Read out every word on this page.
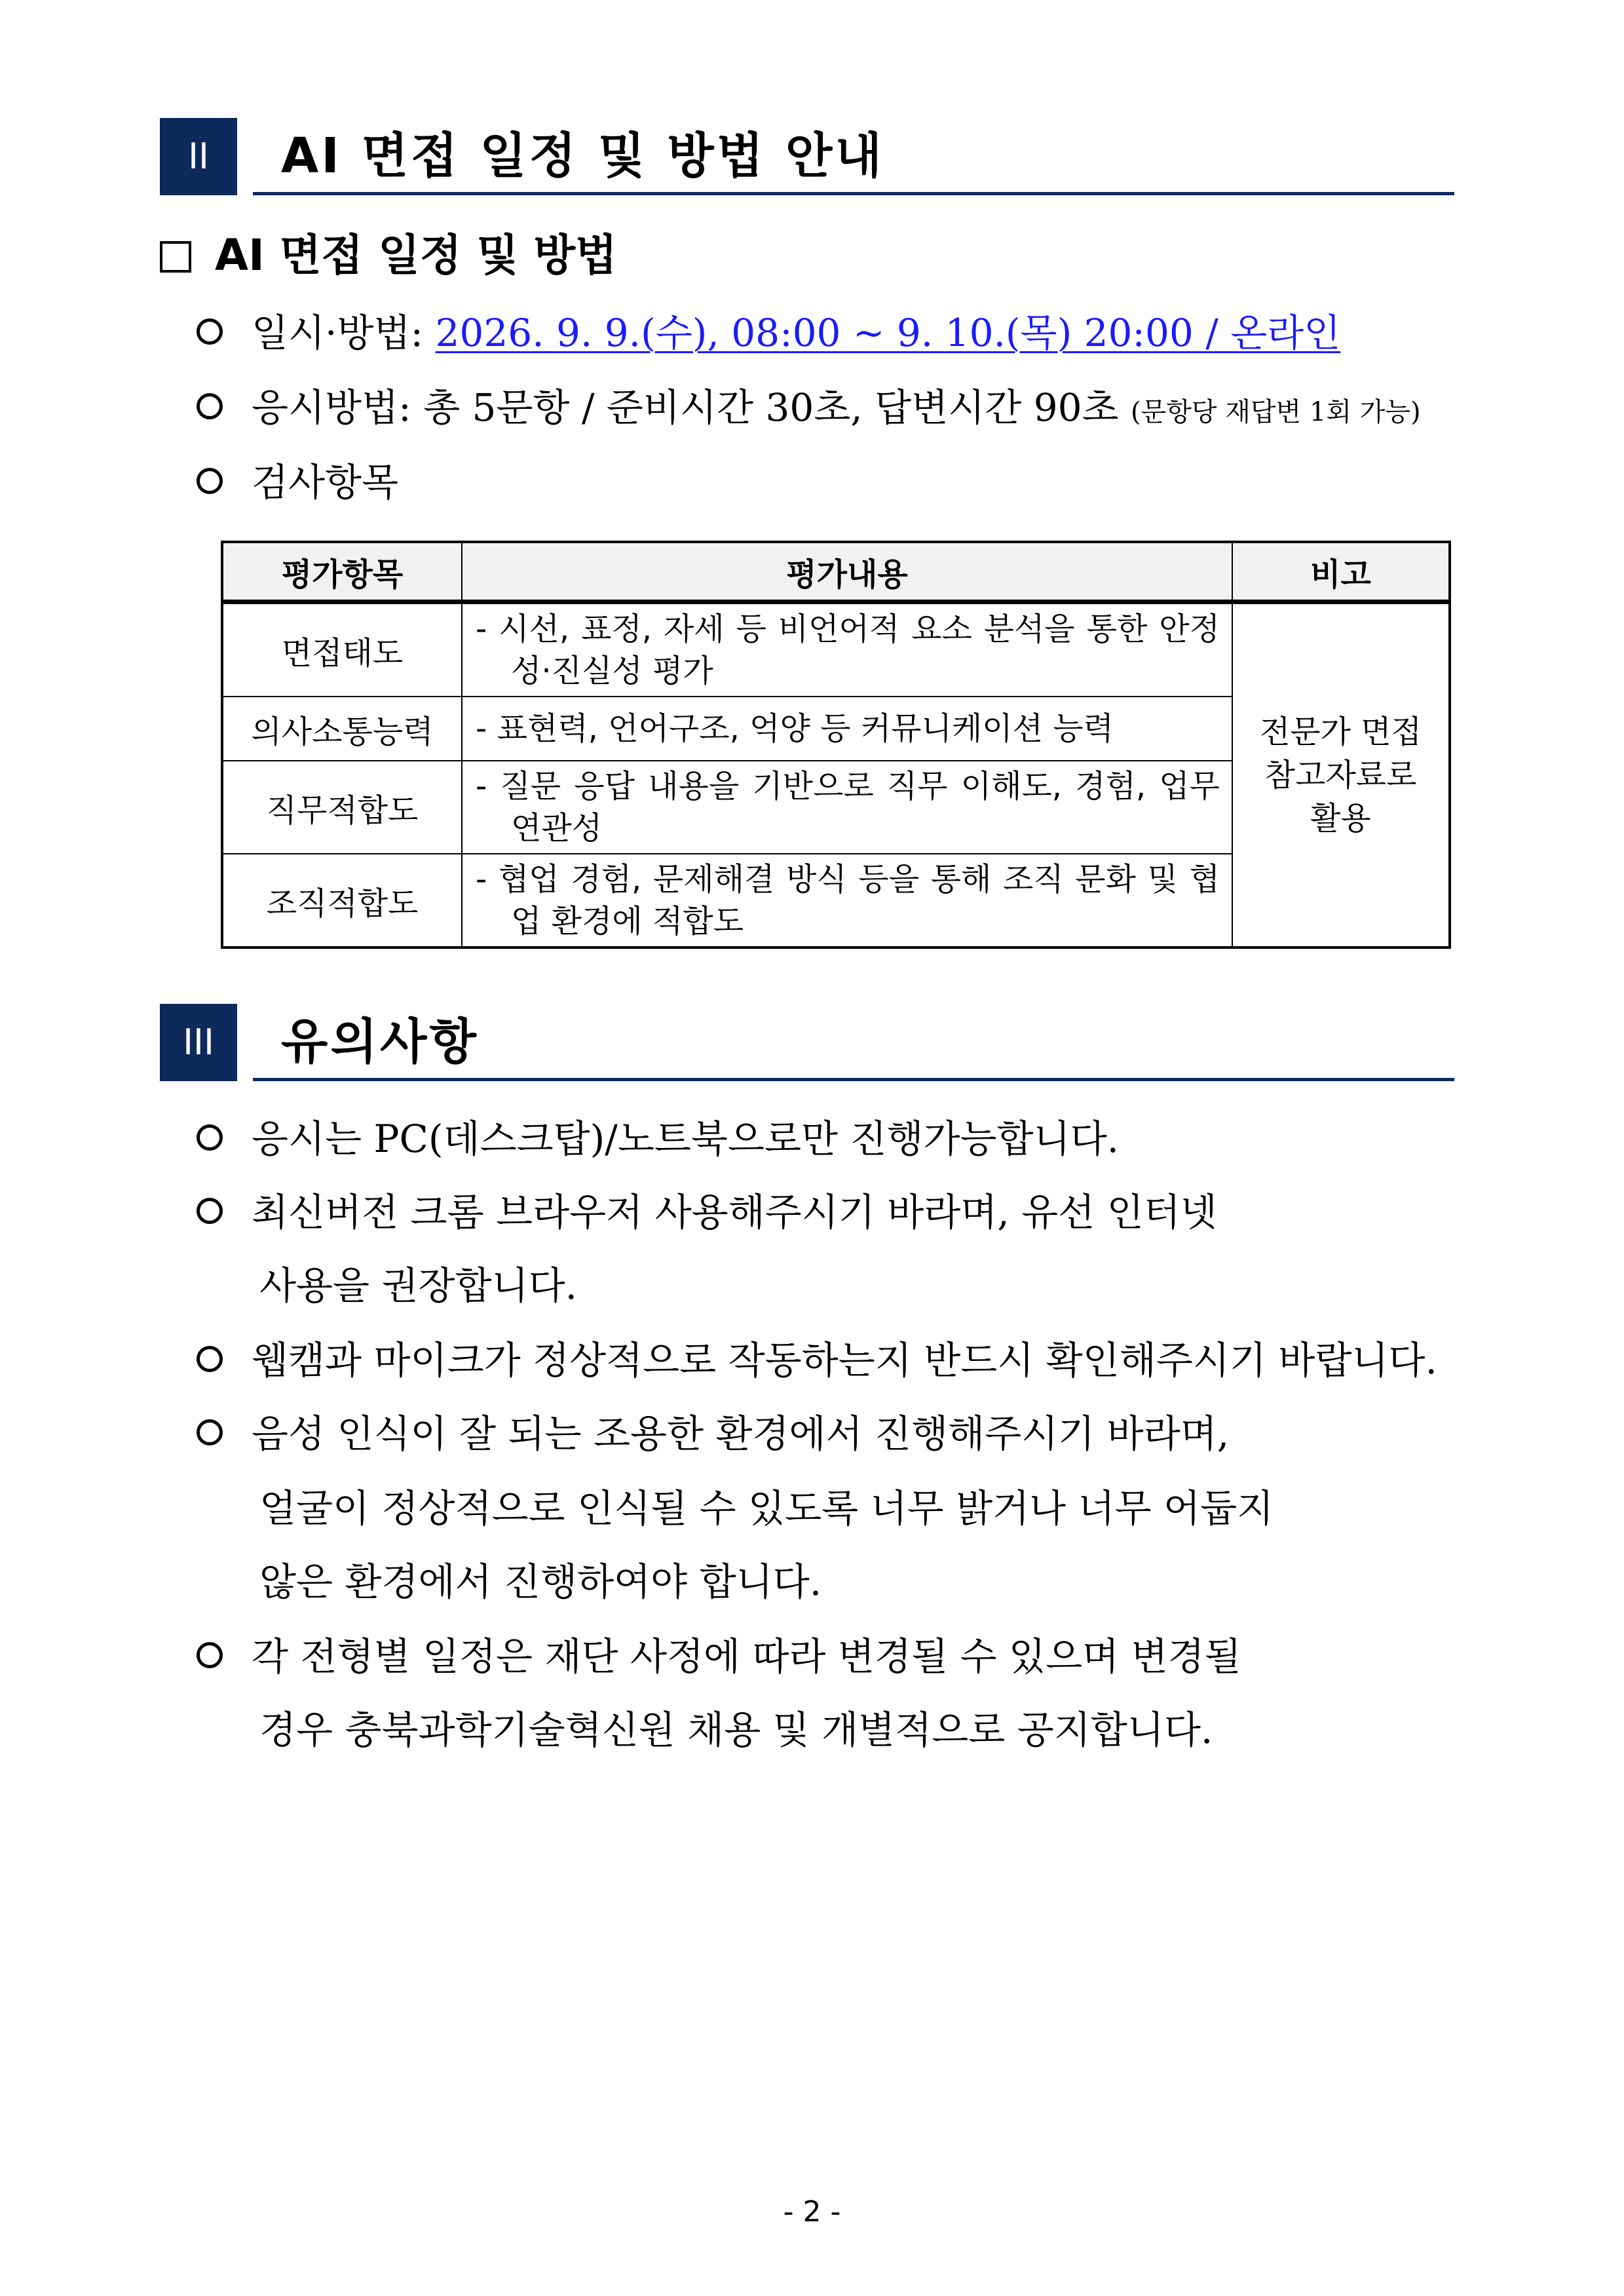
II	AI 면접 일정 및 방법 안내
AI 면접 일정 및 방법
일시·방법: 2026. 9. 9.(수), 08:00 ~ 9. 10.(목) 20:00 / 온라인
응시방법: 총 5문항 / 준비시간 30초, 답변시간 90초 (문항당 재답변 1회 가능)
검사항목
평가항목	평가내용	비고
면접태도	- 시선, 표정, 자세 등 비언어적 요소 분석을 통한 안정성·진실성 평가	전문가 면접
참고자료로
활용

의사소통능력	- 표현력, 언어구조, 억양 등 커뮤니케이션 능력	

직무적합도	- 질문 응답 내용을 기반으로 직무 이해도, 경험, 업무 연관성	

조직적합도	- 협업 경험, 문제해결 방식 등을 통해 조직 문화 및 협업 환경에 적합도	
III	유의사항
응시는 PC(데스크탑)/노트북으로만 진행가능합니다.
최신버전 크롬 브라우저 사용해주시기 바라며, 유선 인터넷
사용을 권장합니다.
웹캠과 마이크가 정상적으로 작동하는지 반드시 확인해주시기 바랍니다.
음성 인식이 잘 되는 조용한 환경에서 진행해주시기 바라며,
얼굴이 정상적으로 인식될 수 있도록 너무 밝거나 너무 어둡지
않은 환경에서 진행하여야 합니다.
각 전형별 일정은 재단 사정에 따라 변경될 수 있으며 변경될
경우 충북과학기술혁신원 채용 및 개별적으로 공지합니다.
- 2 -
